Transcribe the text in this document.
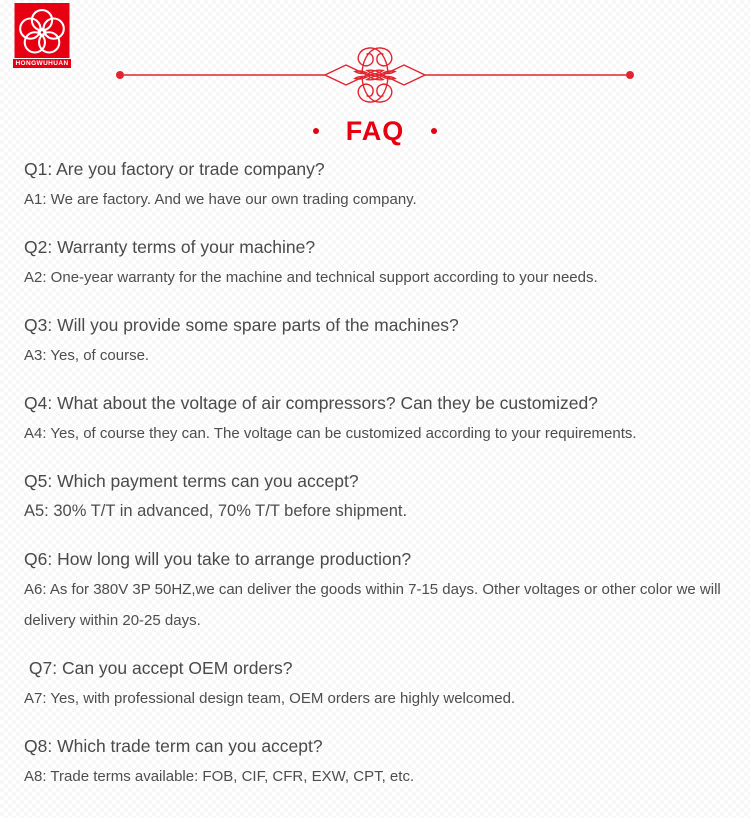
HONGWUHUAN
FAQ

Q1: Are you factory or trade company?

A1: We are factory. And we have our own trading company.

Q2: Warranty terms of your machine?

A2: One-year warranty for the machine and technical support according to your needs.

Q3: Will you provide some spare parts of the machines?

A3: Yes, of course.

Q4: What about the voltage of air compressors? Can they be customized?

A4: Yes, of course they can. The voltage can be customized according to your requirements.

Q5: Which payment terms can you accept?

A5: 30% T/T in advanced, 70% T/T before shipment.

Q6: How long will you take to arrange production?

A6: As for 380V 3P 50HZ,we can deliver the goods within 7-15 days. Other voltages or other color we will delivery within 20-25 days.

Q7: Can you accept OEM orders?

A7: Yes, with professional design team, OEM orders are highly welcomed.

Q8: Which trade term can you accept?

A8: Trade terms available: FOB, CIF, CFR, EXW, CPT, etc.
